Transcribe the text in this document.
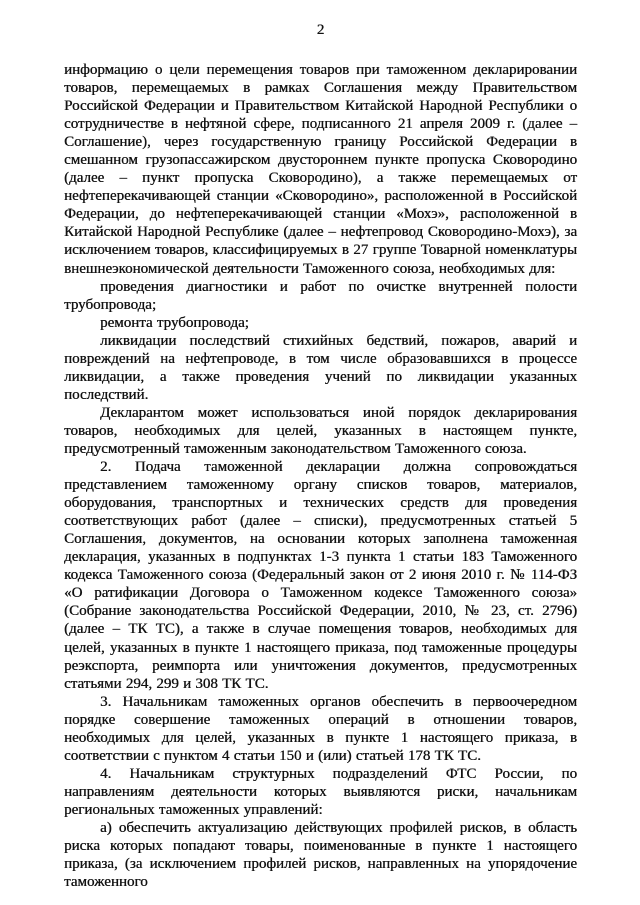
2

информацию о цели перемещения товаров при таможенном декларировании товаров, перемещаемых в рамках Соглашения между Правительством Российской Федерации и Правительством Китайской Народной Республики о сотрудничестве в нефтяной сфере, подписанного 21 апреля 2009 г. (далее – Соглашение), через государственную границу Российской Федерации в смешанном грузопассажирском двустороннем пункте пропуска Сковородино (далее – пункт пропуска Сковородино), а также перемещаемых от нефтеперекачивающей станции «Сковородино», расположенной в Российской Федерации, до нефтеперекачивающей станции «Мохэ», расположенной в Китайской Народной Республике (далее – нефтепровод Сковородино-Мохэ), за исключением товаров, классифицируемых в 27 группе Товарной номенклатуры внешнеэкономической деятельности Таможенного союза, необходимых для:

проведения диагностики и работ по очистке внутренней полости трубопровода;

ремонта трубопровода;

ликвидации последствий стихийных бедствий, пожаров, аварий и повреждений на нефтепроводе, в том числе образовавшихся в процессе ликвидации, а также проведения учений по ликвидации указанных последствий.

Декларантом может использоваться иной порядок декларирования товаров, необходимых для целей, указанных в настоящем пункте, предусмотренный таможенным законодательством Таможенного союза.

2. Подача таможенной декларации должна сопровождаться представлением таможенному органу списков товаров, материалов, оборудования, транспортных и технических средств для проведения соответствующих работ (далее – списки), предусмотренных статьей 5 Соглашения, документов, на основании которых заполнена таможенная декларация, указанных в подпунктах 1-3 пункта 1 статьи 183 Таможенного кодекса Таможенного союза (Федеральный закон от 2 июня 2010 г. № 114-ФЗ «О ратификации Договора о Таможенном кодексе Таможенного союза» (Собрание законодательства Российской Федерации, 2010, № 23, ст. 2796) (далее – ТК ТС), а также в случае помещения товаров, необходимых для целей, указанных в пункте 1 настоящего приказа, под таможенные процедуры реэкспорта, реимпорта или уничтожения документов, предусмотренных статьями 294, 299 и 308 ТК ТС.

3. Начальникам таможенных органов обеспечить в первоочередном порядке совершение таможенных операций в отношении товаров, необходимых для целей, указанных в пункте 1 настоящего приказа, в соответствии с пунктом 4 статьи 150 и (или) статьей 178 ТК ТС.

4. Начальникам структурных подразделений ФТС России, по направлениям деятельности которых выявляются риски, начальникам региональных таможенных управлений:

а) обеспечить актуализацию действующих профилей рисков, в область риска которых попадают товары, поименованные в пункте 1 настоящего приказа, (за исключением профилей рисков, направленных на упорядочение таможенного
